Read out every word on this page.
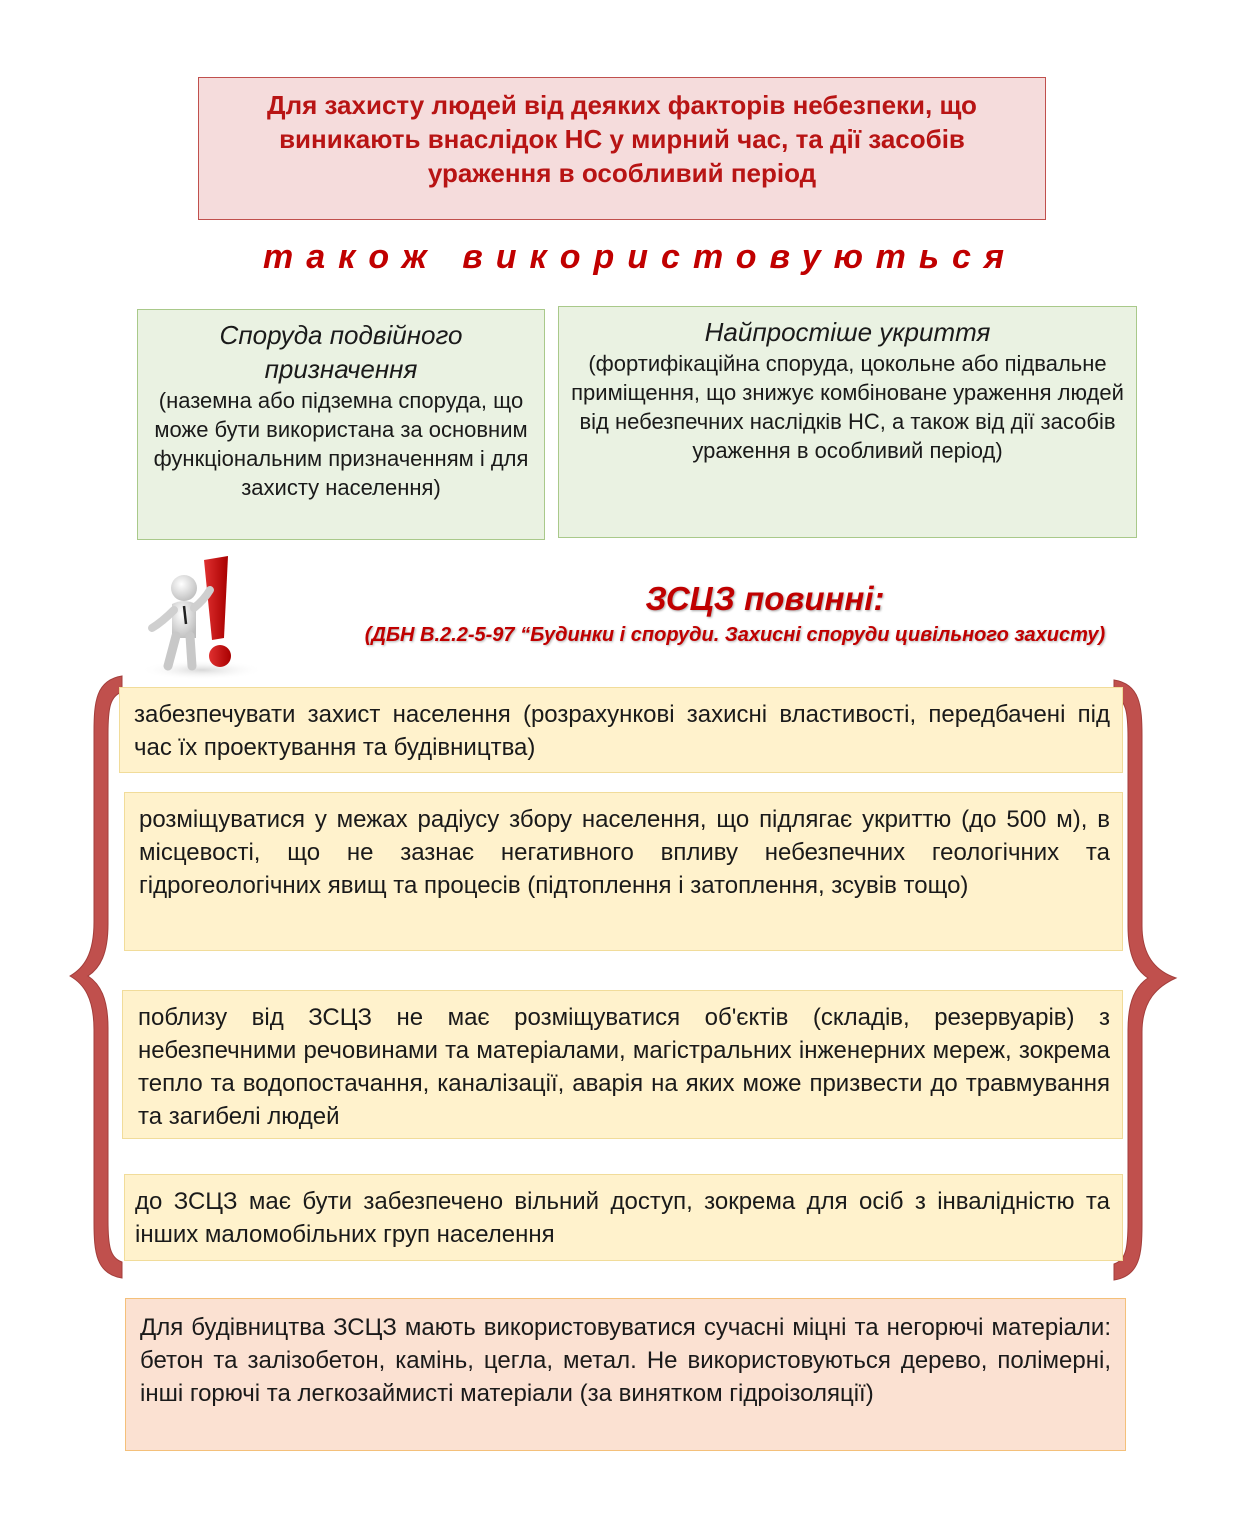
Для захисту людей від деяких факторів небезпеки, що
виникають внаслідок НС у мирний час, та дії засобів
ураження в особливий період
також використовуються
Споруда подвійного призначення
(наземна або підземна споруда, що може бути використана за основним функціональним призначенням і для захисту населення)
Найпростіше укриття
(фортифікаційна споруда, цокольне або підвальне приміщення, що знижує комбіноване ураження людей від небезпечних наслідків НС, а також від дії засобів ураження в особливий період)
ЗСЦЗ повинні:
(ДБН В.2.2-5-97 “Будинки і споруди. Захисні споруди цивільного захисту)
забезпечувати захист населення (розрахункові захисні властивості, передбачені під час їх проектування та будівництва)
розміщуватися у межах радіусу збору населення, що підлягає укриттю (до 500 м), в місцевості, що не зазнає негативного впливу небезпечних геологічних та гідрогеологічних явищ та процесів (підтоплення і затоплення, зсувів тощо)
поблизу від ЗСЦЗ не має розміщуватися об'єктів (складів, резервуарів) з небезпечними речовинами та матеріалами, магістральних інженерних мереж, зокрема тепло та водопостачання, каналізації, аварія на яких може призвести до травмування та загибелі людей
до ЗСЦЗ має бути забезпечено вільний доступ, зокрема для осіб з інвалідністю та інших маломобільних груп населення
Для будівництва ЗСЦЗ мають використовуватися сучасні міцні та негорючі матеріали: бетон та залізобетон, камінь, цегла, метал. Не використовуються дерево, полімерні, інші горючі та легкозаймисті матеріали (за винятком гідроізоляції)
